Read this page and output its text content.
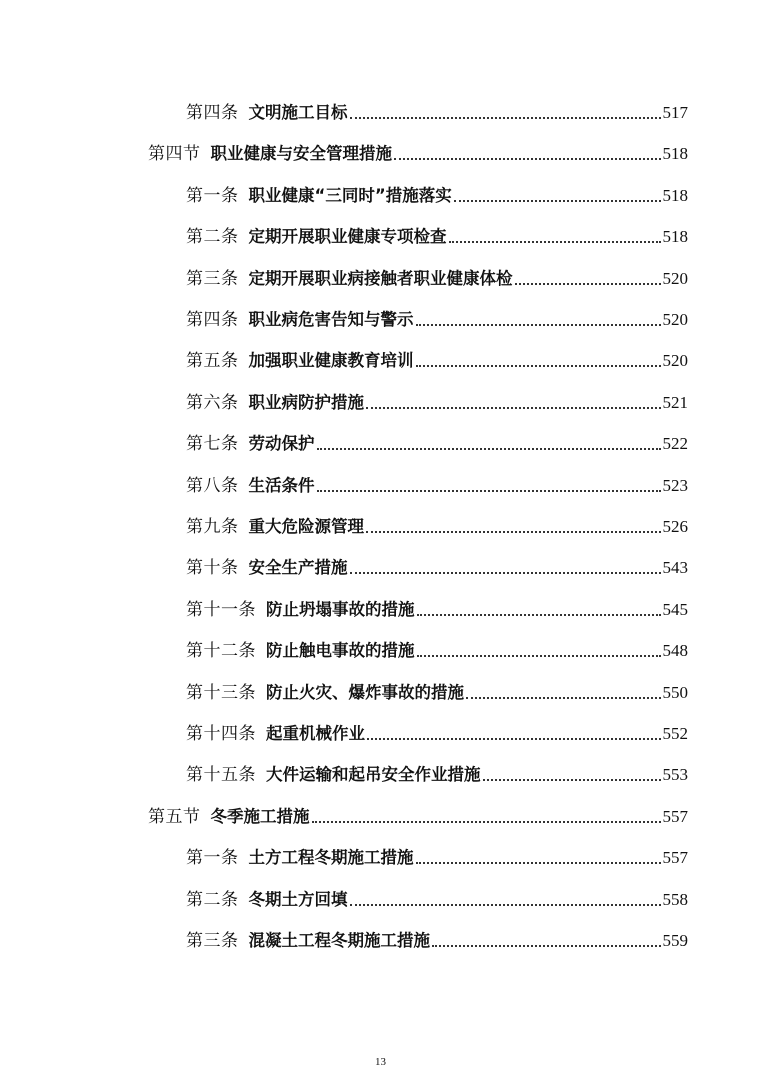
第四条 文明施工目标	517
第四节 职业健康与安全管理措施	518
第一条 职业健康“三同时”措施落实	518
第二条 定期开展职业健康专项检查	518
第三条 定期开展职业病接触者职业健康体检	520
第四条 职业病危害告知与警示	520
第五条 加强职业健康教育培训	520
第六条 职业病防护措施	521
第七条 劳动保护	522
第八条 生活条件	523
第九条 重大危险源管理	526
第十条 安全生产措施	543
第十一条 防止坍塌事故的措施	545
第十二条 防止触电事故的措施	548
第十三条 防止火灾、爆炸事故的措施	550
第十四条 起重机械作业	552
第十五条 大件运输和起吊安全作业措施	553
第五节 冬季施工措施	557
第一条 土方工程冬期施工措施	557
第二条 冬期土方回填	558
第三条 混凝土工程冬期施工措施	559
13
